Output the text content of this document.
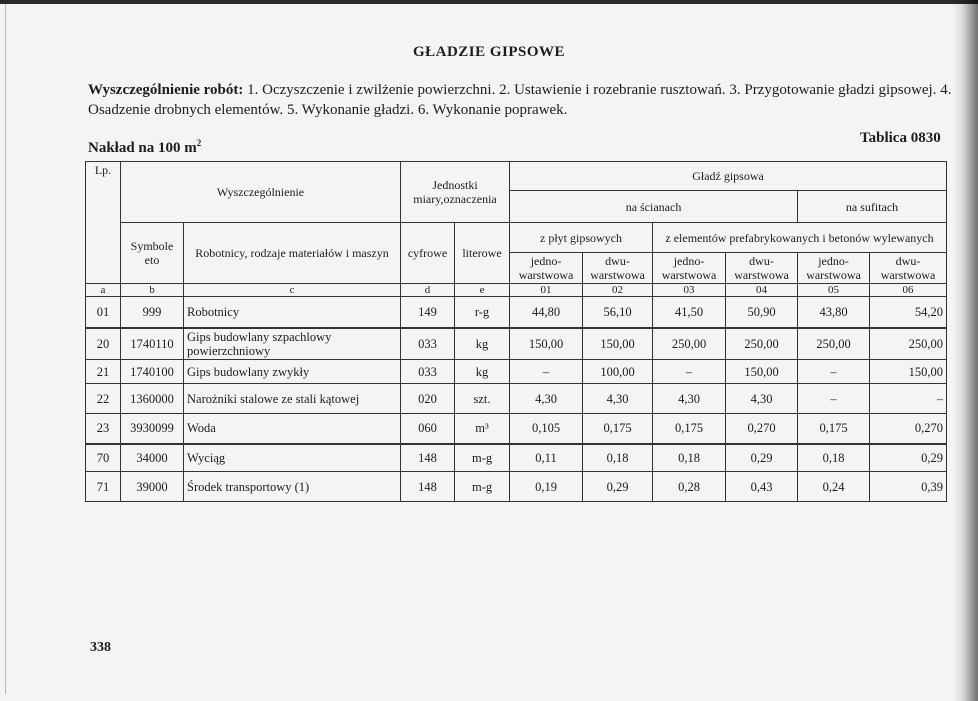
GŁADZIE GIPSOWE
Wyszczególnienie robót: 1. Oczyszczenie i zwilżenie powierzchni. 2. Ustawienie i rozebranie rusztowań. 3. Przygotowanie gładzi gipsowej. 4. Osadzenie drobnych elementów. 5. Wykonanie gładzi. 6. Wykonanie poprawek.
Nakład na 100 $m^2$	Tablica 0830
Lp.	Wyszczególnienie		Jednostki miary,oznaczenia		Gładź gipsowa					
					na ścianach				na sufitach	
	Symbole eto	Robotnicy, rodzaje materiałów i maszyn	cyfrowe	literowe	z płyt gipsowych		z elementów prefabrykowanych i betonów wylewanych			
					jedno-warstwowa	dwu-warstwowa	jedno-warstwowa	dwu-warstwowa	jedno-warstwowa	dwu-warstwowa
a	b	c	d	e	01	02	03	04	05	06
01	999	Robotnicy	149	r-g	44,80	56,10	41,50	50,90	43,80	54,20
20	1740110	Gips budowlany szpachlowy powierzchniowy	033	kg	150,00	150,00	250,00	250,00	250,00	250,00
21	1740100	Gips budowlany zwykły	033	kg	–	100,00	–	150,00	–	150,00
22	1360000	Narożniki stalowe ze stali kątowej	020	szt.	4,30	4,30	4,30	4,30	–	–
23	3930099	Woda	060	m³	0,105	0,175	0,175	0,270	0,175	0,270
70	34000	Wyciąg	148	m-g	0,11	0,18	0,18	0,29	0,18	0,29
71	39000	Środek transportowy (1)	148	m-g	0,19	0,29	0,28	0,43	0,24	0,39
338
